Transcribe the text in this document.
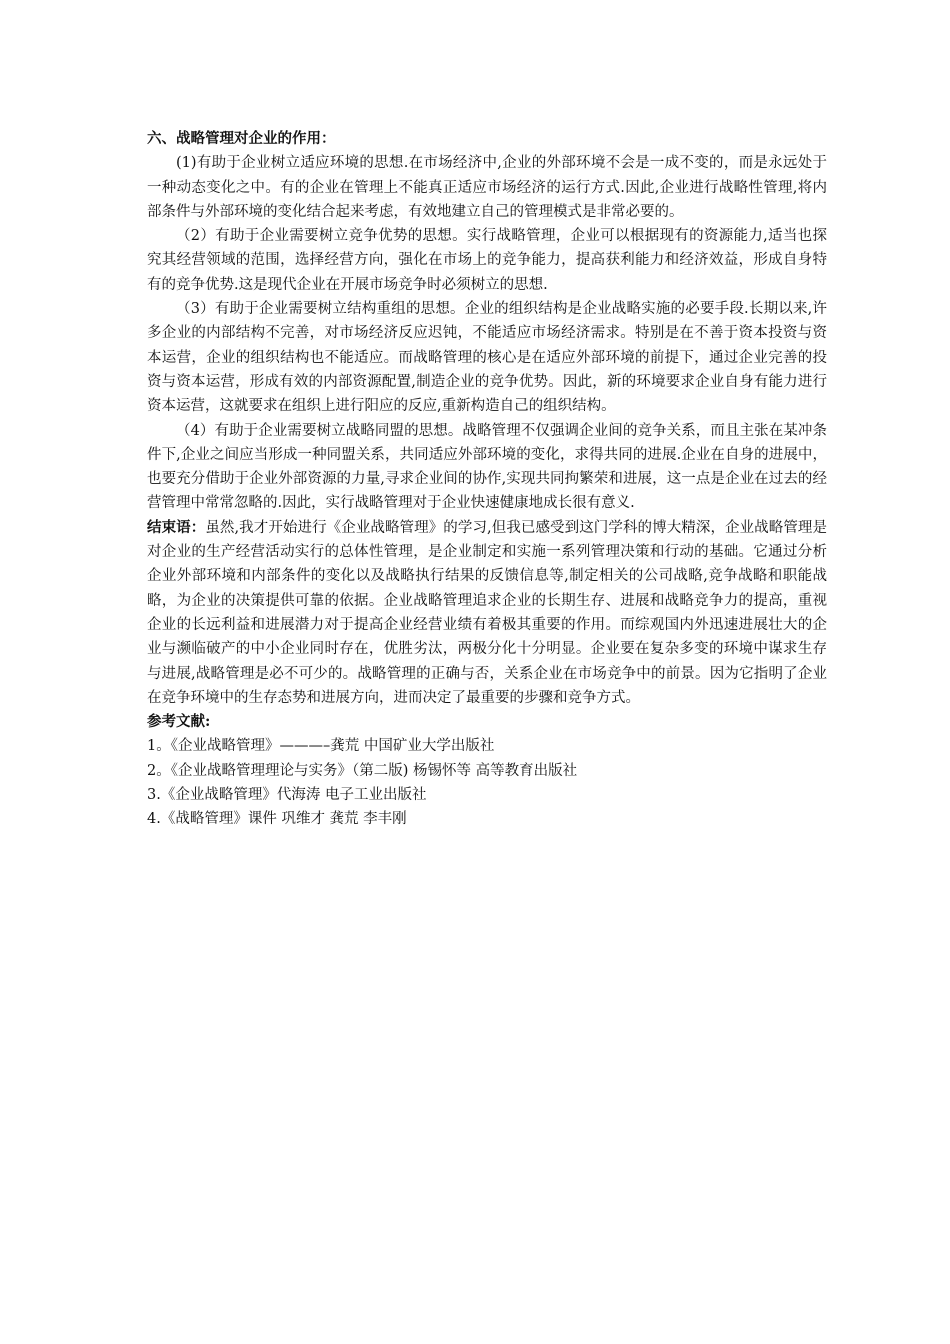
六、战略管理对企业的作用：

(1)有助于企业树立适应环境的思想.在市场经济中,企业的外部环境不会是一成不变的，而是永远处于一种动态变化之中。有的企业在管理上不能真正适应市场经济的运行方式.因此,企业进行战略性管理,将内部条件与外部环境的变化结合起来考虑，有效地建立自己的管理模式是非常必要的。

（2）有助于企业需要树立竞争优势的思想。实行战略管理，企业可以根据现有的资源能力,适当也探究其经营领域的范围，选择经营方向，强化在市场上的竞争能力，提高获利能力和经济效益，形成自身特有的竞争优势.这是现代企业在开展市场竞争时必须树立的思想.

（3）有助于企业需要树立结构重组的思想。企业的组织结构是企业战略实施的必要手段.长期以来,许多企业的内部结构不完善，对市场经济反应迟钝，不能适应市场经济需求。特别是在不善于资本投资与资本运营，企业的组织结构也不能适应。而战略管理的核心是在适应外部环境的前提下，通过企业完善的投资与资本运营，形成有效的内部资源配置,制造企业的竞争优势。因此，新的环境要求企业自身有能力进行资本运营，这就要求在组织上进行阳应的反应,重新构造自己的组织结构。

（4）有助于企业需要树立战略同盟的思想。战略管理不仅强调企业间的竞争关系，而且主张在某冲条件下,企业之间应当形成一种同盟关系，共同适应外部环境的变化，求得共同的进展.企业在自身的进展中，也要充分借助于企业外部资源的力量,寻求企业间的协作,实现共同拘繁荣和进展，这一点是企业在过去的经营管理中常常忽略的.因此，实行战略管理对于企业快速健康地成长很有意义.

结束语：虽然,我才开始进行《企业战略管理》的学习,但我已感受到这门学科的博大精深，企业战略管理是对企业的生产经营活动实行的总体性管理，是企业制定和实施一系列管理决策和行动的基础。它通过分析企业外部环境和内部条件的变化以及战略执行结果的反馈信息等,制定相关的公司战略,竞争战略和职能战略，为企业的决策提供可靠的依据。企业战略管理追求企业的长期生存、进展和战略竞争力的提高，重视企业的长远利益和进展潜力对于提高企业经营业绩有着极其重要的作用。而综观国内外迅速进展壮大的企业与濒临破产的中小企业同时存在，优胜劣汰，两极分化十分明显。企业要在复杂多变的环境中谋求生存与进展,战略管理是必不可少的。战略管理的正确与否，关系企业在市场竞争中的前景。因为它指明了企业在竞争环境中的生存态势和进展方向，进而决定了最重要的步骤和竞争方式。

参考文献:

1。《企业战略管理》———–龚荒 中国矿业大学出版社
2。《企业战略管理理论与实务》（第二版) 杨锡怀等 高等教育出版社
3.《企业战略管理》代海涛 电子工业出版社
4.《战略管理》课件 巩维才 龚荒 李丰刚
